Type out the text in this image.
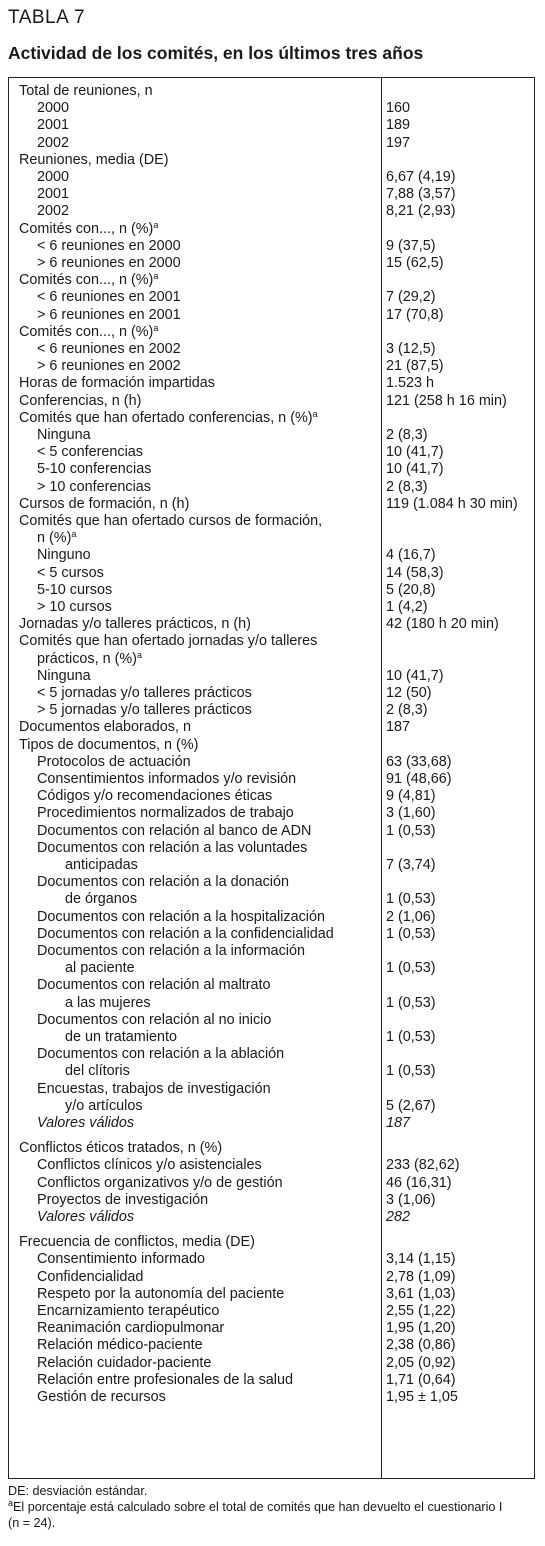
TABLA 7
Actividad de los comités, en los últimos tres años
Total de reuniones, n
2000	160
2001	189
2002	197
Reuniones, media (DE)
2000	6,67 (4,19)
2001	7,88 (3,57)
2002	8,21 (2,93)
Comités con..., n (%)$^a$
< 6 reuniones en 2000	9 (37,5)
> 6 reuniones en 2000	15 (62,5)
Comités con..., n (%)$^a$
< 6 reuniones en 2001	7 (29,2)
> 6 reuniones en 2001	17 (70,8)
Comités con..., n (%)$^a$
< 6 reuniones en 2002	3 (12,5)
> 6 reuniones en 2002	21 (87,5)
Horas de formación impartidas	1.523 h
Conferencias, n (h)	121 (258 h 16 min)
Comités que han ofertado conferencias, n (%)$^a$
Ninguna	2 (8,3)
< 5 conferencias	10 (41,7)
5-10 conferencias	10 (41,7)
> 10 conferencias	2 (8,3)
Cursos de formación, n (h)	119 (1.084 h 30 min)
Comités que han ofertado cursos de formación,
n (%)$^a$
Ninguno	4 (16,7)
< 5 cursos	14 (58,3)
5-10 cursos	5 (20,8)
> 10 cursos	1 (4,2)
Jornadas y/o talleres prácticos, n (h)	42 (180 h 20 min)
Comités que han ofertado jornadas y/o talleres
prácticos, n (%)$^a$
Ninguna	10 (41,7)
< 5 jornadas y/o talleres prácticos	12 (50)
> 5 jornadas y/o talleres prácticos	2 (8,3)
Documentos elaborados, n	187
Tipos de documentos, n (%)
Protocolos de actuación	63 (33,68)
Consentimientos informados y/o revisión	91 (48,66)
Códigos y/o recomendaciones éticas	9 (4,81)
Procedimientos normalizados de trabajo	3 (1,60)
Documentos con relación al banco de ADN	1 (0,53)
Documentos con relación a las voluntades
anticipadas	7 (3,74)
Documentos con relación a la donación
de órganos	1 (0,53)
Documentos con relación a la hospitalización	2 (1,06)
Documentos con relación a la confidencialidad	1 (0,53)
Documentos con relación a la información
al paciente	1 (0,53)
Documentos con relación al maltrato
a las mujeres	1 (0,53)
Documentos con relación al no inicio
de un tratamiento	1 (0,53)
Documentos con relación a la ablación
del clítoris	1 (0,53)
Encuestas, trabajos de investigación
y/o artículos	5 (2,67)
Valores válidos	187
Conflictos éticos tratados, n (%)
Conflictos clínicos y/o asistenciales	233 (82,62)
Conflictos organizativos y/o de gestión	46 (16,31)
Proyectos de investigación	3 (1,06)
Valores válidos	282
Frecuencia de conflictos, media (DE)
Consentimiento informado	3,14 (1,15)
Confidencialidad	2,78 (1,09)
Respeto por la autonomía del paciente	3,61 (1,03)
Encarnizamiento terapéutico	2,55 (1,22)
Reanimación cardiopulmonar	1,95 (1,20)
Relación médico-paciente	2,38 (0,86)
Relación cuidador-paciente	2,05 (0,92)
Relación entre profesionales de la salud	1,71 (0,64)
Gestión de recursos	1,95 ± 1,05
DE: desviación estándar.
$^a$El porcentaje está calculado sobre el total de comités que han devuelto el cuestionario I
(n = 24).
